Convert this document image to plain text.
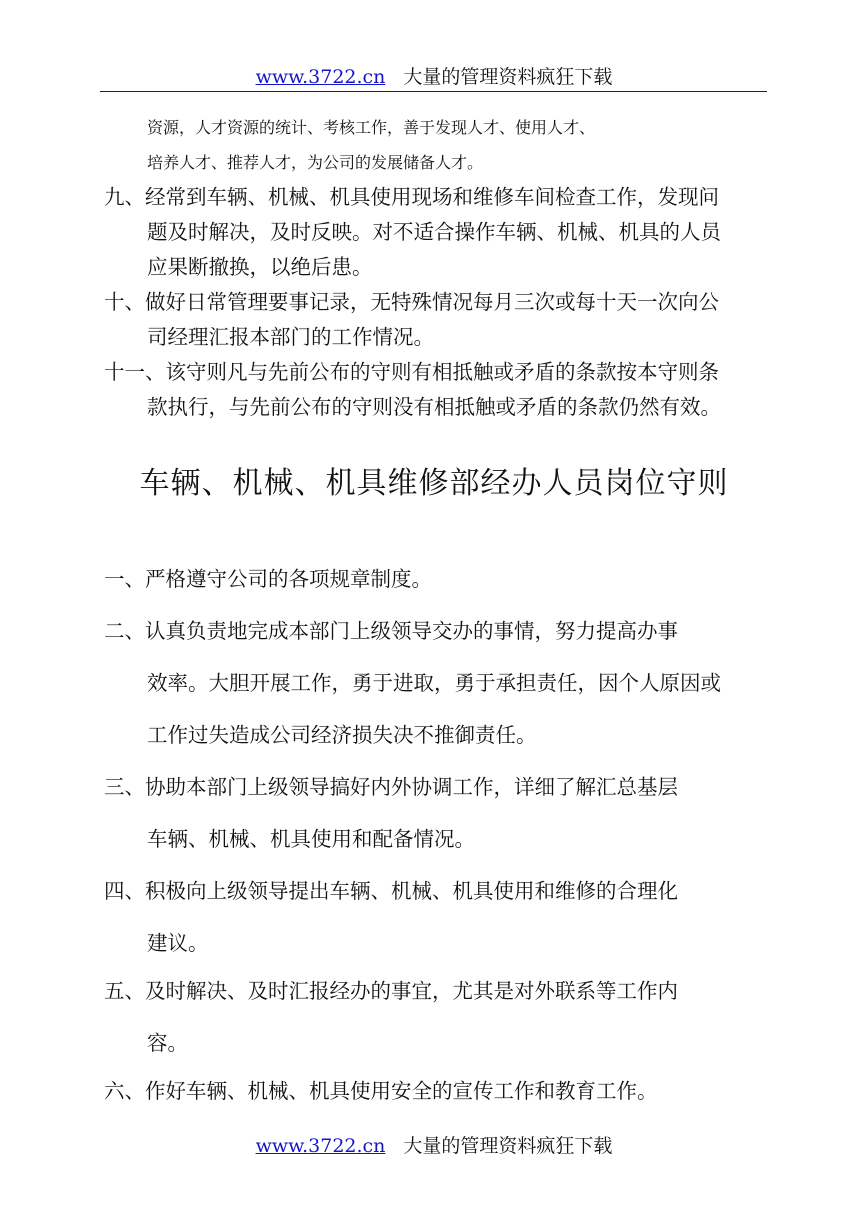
www.3722.cn 大量的管理资料疯狂下载
资源，人才资源的统计、考核工作，善于发现人才、使用人才、
培养人才、推荐人才，为公司的发展储备人才。
九、经常到车辆、机械、机具使用现场和维修车间检查工作，发现问
题及时解决，及时反映。对不适合操作车辆、机械、机具的人员
应果断撤换，以绝后患。
十、做好日常管理要事记录，无特殊情况每月三次或每十天一次向公
司经理汇报本部门的工作情况。
十一、该守则凡与先前公布的守则有相抵触或矛盾的条款按本守则条
款执行，与先前公布的守则没有相抵触或矛盾的条款仍然有效。
车辆、机械、机具维修部经办人员岗位守则
一、严格遵守公司的各项规章制度。
二、认真负责地完成本部门上级领导交办的事情，努力提高办事
效率。大胆开展工作，勇于进取，勇于承担责任，因个人原因或
工作过失造成公司经济损失决不推御责任。
三、协助本部门上级领导搞好内外协调工作，详细了解汇总基层
车辆、机械、机具使用和配备情况。
四、积极向上级领导提出车辆、机械、机具使用和维修的合理化
建议。
五、及时解决、及时汇报经办的事宜，尤其是对外联系等工作内
容。
六、作好车辆、机械、机具使用安全的宣传工作和教育工作。
www.3722.cn 大量的管理资料疯狂下载
